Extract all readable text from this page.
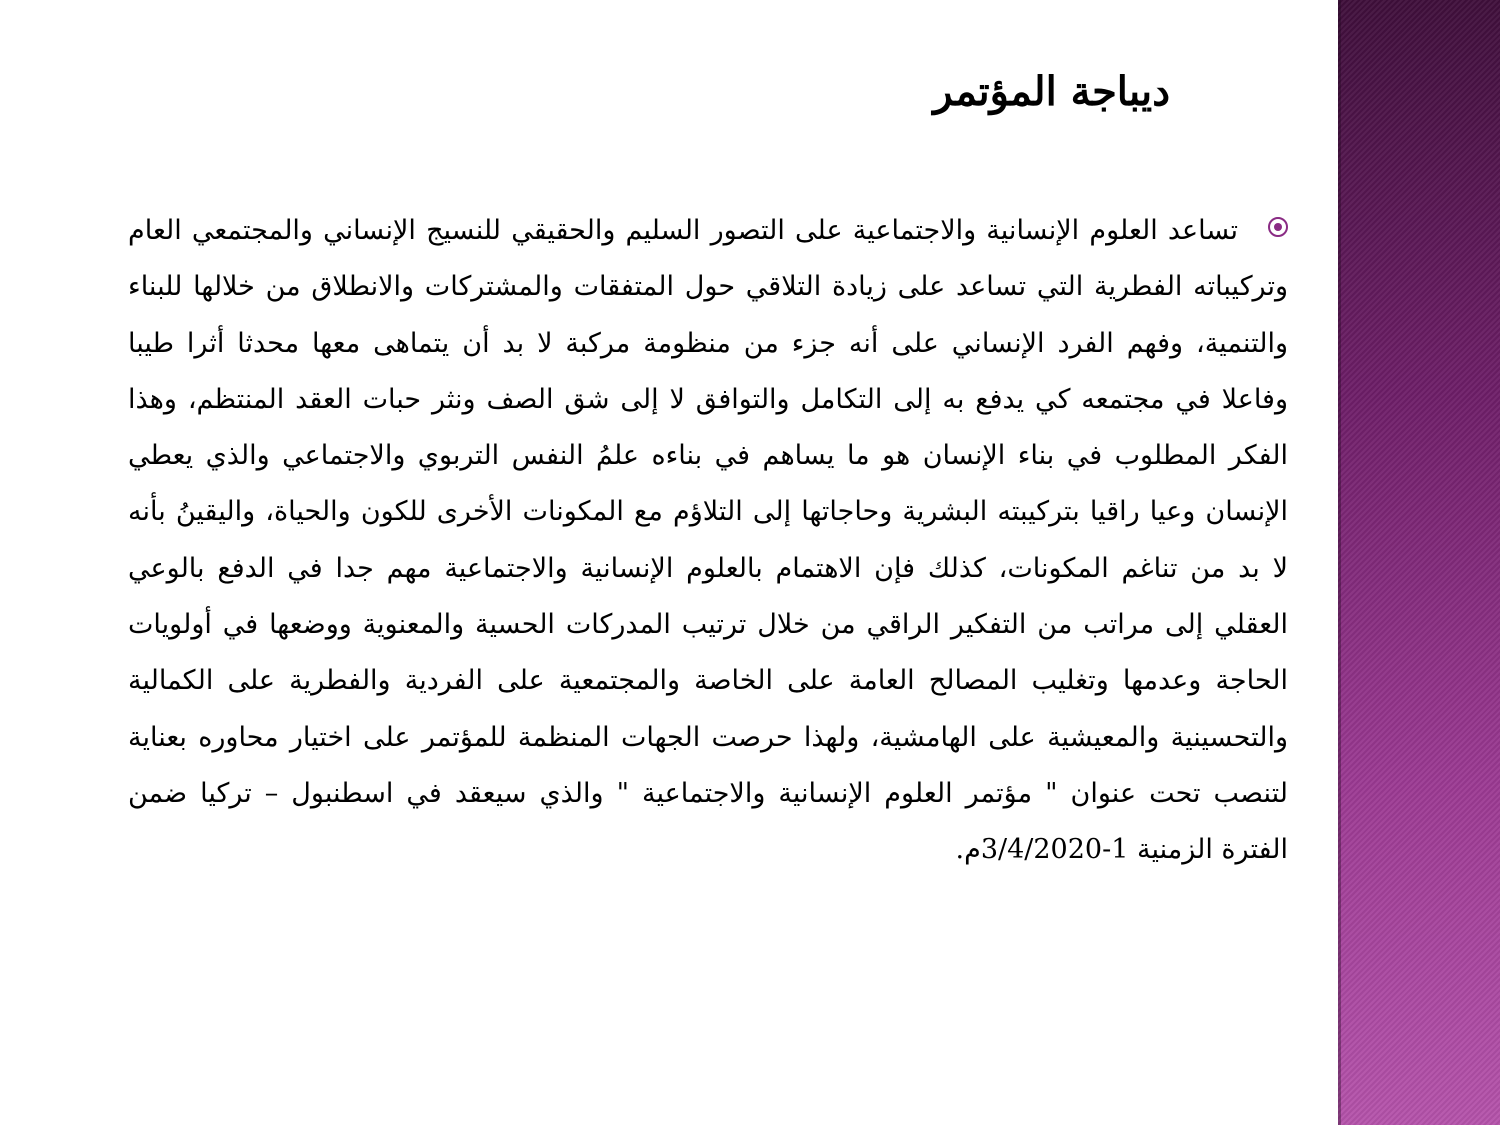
ديباجة المؤتمر

تساعد العلوم الإنسانية والاجتماعية على التصور السليم والحقيقي للنسيج الإنساني والمجتمعي العام وتركيباته الفطرية التي تساعد على زيادة التلاقي حول المتفقات والمشتركات والانطلاق من خلالها للبناء والتنمية، وفهم الفرد الإنساني على أنه جزء من منظومة مركبة لا بد أن يتماهى معها محدثا أثرا طيبا وفاعلا في مجتمعه كي يدفع به إلى التكامل والتوافق لا إلى شق الصف ونثر حبات العقد المنتظم، وهذا الفكر المطلوب في بناء الإنسان هو ما يساهم في بناءه علمُ النفس التربوي والاجتماعي والذي يعطي الإنسان وعيا راقيا بتركيبته البشرية وحاجاتها إلى التلاؤم مع المكونات الأخرى للكون والحياة، واليقينُ بأنه لا بد من تناغم المكونات، كذلك فإن الاهتمام بالعلوم الإنسانية والاجتماعية مهم جدا في الدفع بالوعي العقلي إلى مراتب من التفكير الراقي من خلال ترتيب المدركات الحسية والمعنوية ووضعها في أولويات الحاجة وعدمها وتغليب المصالح العامة على الخاصة والمجتمعية على الفردية والفطرية على الكمالية والتحسينية والمعيشية على الهامشية، ولهذا حرصت الجهات المنظمة للمؤتمر على اختيار محاوره بعناية لتنصب تحت عنوان " مؤتمر العلوم الإنسانية والاجتماعية " والذي سيعقد في اسطنبول – تركيا ضمن الفترة الزمنية 1-3/4/2020م.
